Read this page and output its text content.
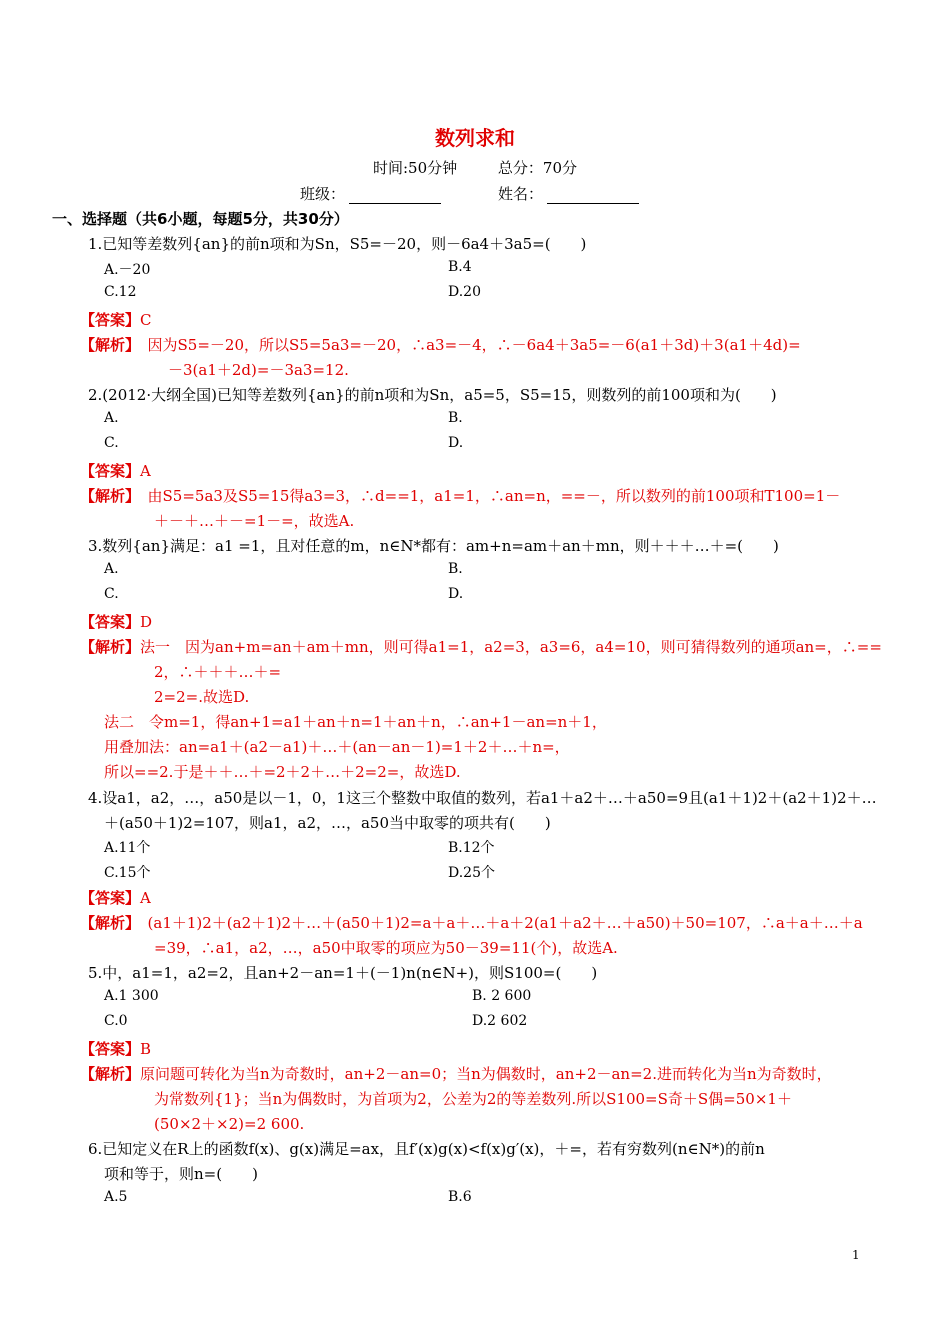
数列求和
时间:50分钟	总分：70分
班级：	姓名：
一、选择题（共6小题，每题5分，共30分）
1.已知等差数列{an}的前n项和为Sn，S5=－20，则－6a4＋3a5=(　　)
A.－20	B.4
C.12	D.20
【答案】C
【解析】　 因为S5=－20，所以S5=5a3=－20，∴a3=－4，∴－6a4＋3a5=－6(a1＋3d)＋3(a1＋4d)=
－3(a1＋2d)=－3a3=12.
2.(2012·大纲全国)已知等差数列{an}的前n项和为Sn，a5=5，S5=15，则数列的前100项和为(　　)
A.	B.
C.	D.
【答案】A
【解析】　 由S5=5a3及S5=15得a3=3，∴d==1，a1=1，∴an=n，==－，所以数列的前100项和T100=1－
＋－＋…＋－=1－=，故选A.
3.数列{an}满足：a1 =1，且对任意的m，n∈N*都有：am+n=am＋an＋mn，则＋＋＋…＋=(　　)
A.	B.
C.	D.
【答案】D
【解析】法一　因为an+m=an＋am＋mn，则可得a1=1，a2=3，a3=6，a4=10，则可猜得数列的通项an=，∴==
2，∴＋＋＋…＋=
2=2=.故选D.
法二　令m=1，得an+1=a1＋an＋n=1＋an＋n，∴an+1－an=n＋1，
用叠加法：an=a1＋(a2－a1)＋…＋(an－an－1)=1＋2＋…＋n=，
所以==2.于是＋＋…＋=2＋2＋…＋2=2=，故选D.
4.设a1，a2，…，a50是以－1，0，1这三个整数中取值的数列，若a1＋a2＋…＋a50=9且(a1＋1)2＋(a2＋1)2＋…
＋(a50＋1)2=107，则a1，a2，…，a50当中取零的项共有(　　)
A.11个	B.12个
C.15个	D.25个
【答案】A
【解析】　 (a1＋1)2＋(a2＋1)2＋…＋(a50＋1)2=a＋a＋…＋a＋2(a1＋a2＋…＋a50)＋50=107，∴a＋a＋…＋a
=39，∴a1，a2，…，a50中取零的项应为50－39=11(个)，故选A.
5.中，a1=1，a2=2，且an+2－an=1＋(－1)n(n∈N+)，则S100=(　　)
A.1 300	B. 2 600
C.0	D.2 602
【答案】B
【解析】原问题可转化为当n为奇数时，an+2－an=0；当n为偶数时，an+2－an=2.进而转化为当n为奇数时，
为常数列{1}；当n为偶数时，为首项为2，公差为2的等差数列.所以S100=S奇＋S偶=50×1＋
(50×2＋×2)=2 600.
6.已知定义在R上的函数f(x)、g(x)满足=ax，且f′(x)g(x)<f(x)g′(x)，＋=，若有穷数列(n∈N*)的前n
项和等于，则n=(　　)
A.5	B.6
1
